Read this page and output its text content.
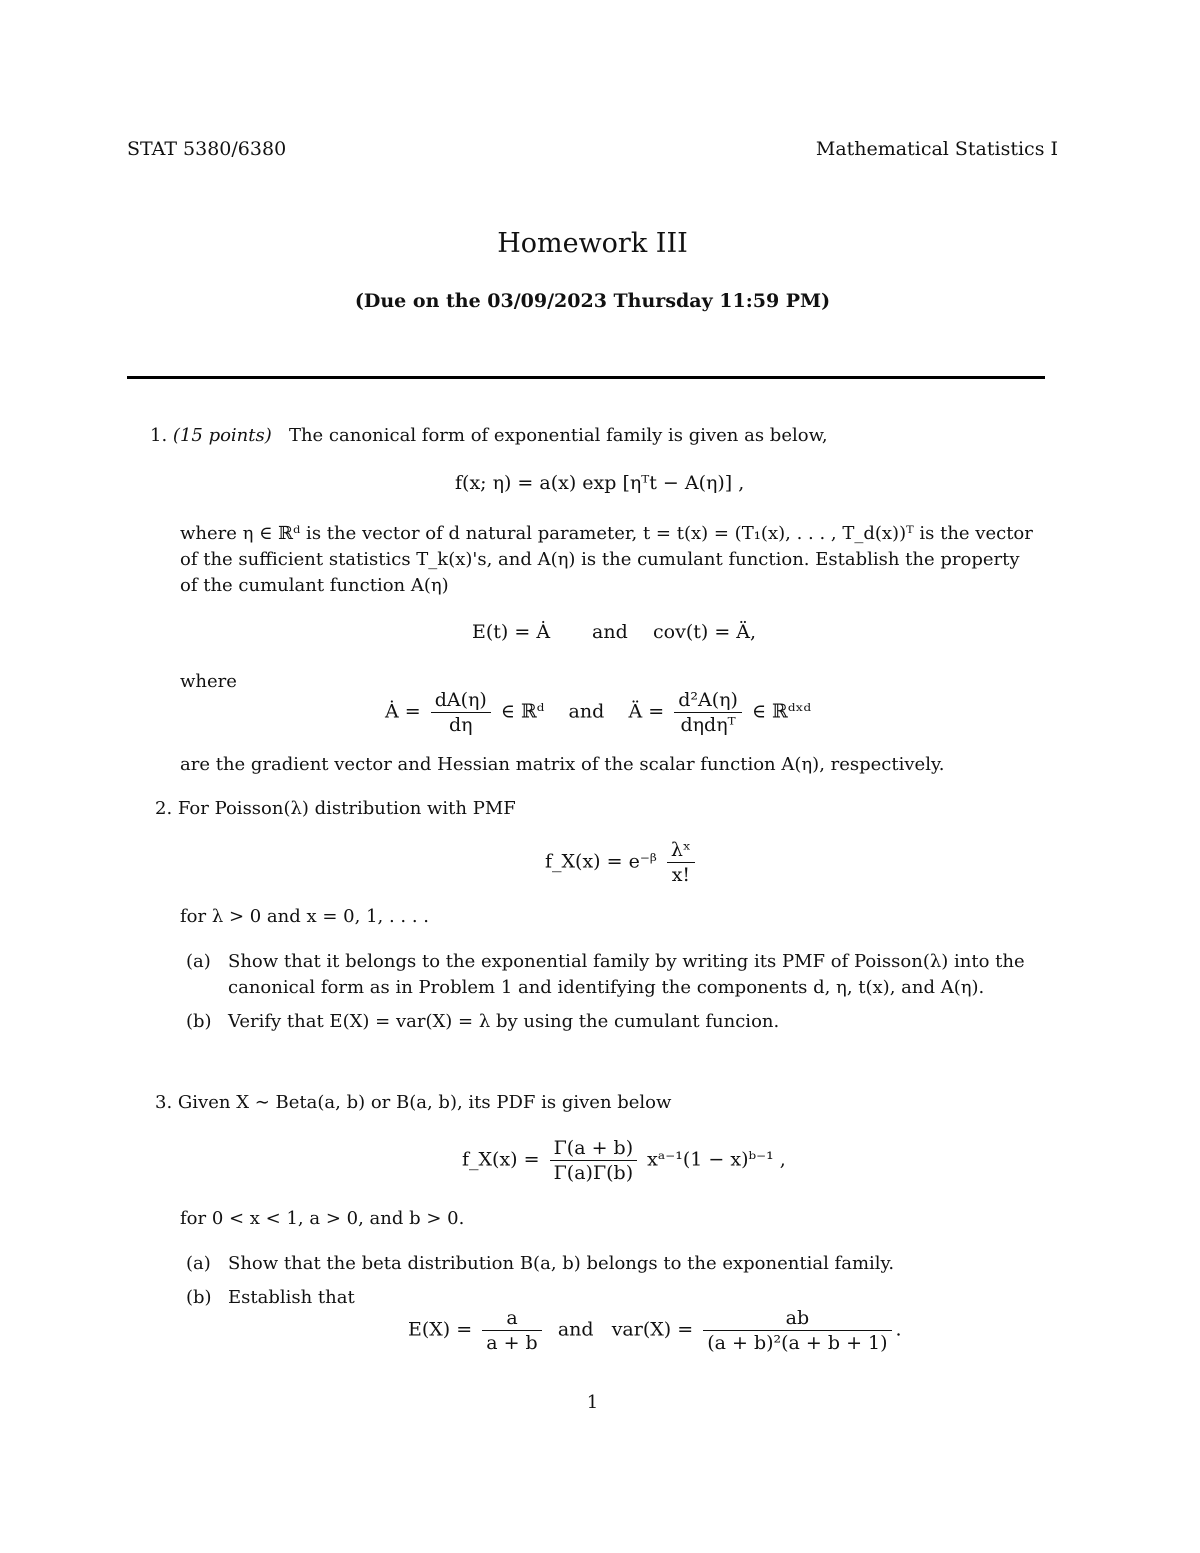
STAT 5380/6380	Mathematical Statistics I
Homework III
(Due on the 03/09/2023 Thursday 11:59 PM)
1. (15 points) The canonical form of exponential family is given as below,
f(x; η) = a(x) exp [ηᵀt − A(η)] ,
where η ∈ ℝᵈ is the vector of d natural parameter, t = t(x) = (T₁(x), . . . , T_d(x))ᵀ is the vector
of the sufficient statistics T_k(x)'s, and A(η) is the cumulant function. Establish the property
of the cumulant function A(η)
E(t) = Ȧ and cov(t) = Ä,
where
Ȧ = $\frac{dA(\eta)}{d\eta}$ ∈ ℝᵈ and Ä = $\frac{\text{d²A(η)}}{\text{dηdηᵀ}}$ ∈ ℝᵈˣᵈ
are the gradient vector and Hessian matrix of the scalar function A(η), respectively.
2. For Poisson(λ) distribution with PMF
f_X(x) = e⁻ᵝ $\frac{\text{λˣ}}{x!}$
for λ > 0 and x = 0, 1, . . . .
(a) Show that it belongs to the exponential family by writing its PMF of Poisson(λ) into the
canonical form as in Problem 1 and identifying the components d, η, t(x), and A(η).
(b) Verify that E(X) = var(X) = λ by using the cumulant funcion.
3. Given X ∼ Beta(a, b) or B(a, b), its PDF is given below
f_X(x) = $\frac{\Gamma(a + b)}{\Gamma(a)\Gamma(b)}$ xᵃ⁻¹(1 − x)ᵇ⁻¹ ,
for 0 < x < 1, a > 0, and b > 0.
(a) Show that the beta distribution B(a, b) belongs to the exponential family.
(b) Establish that
$E(X) = \frac{a}{a + b}$ and $var(X) = \frac{ab}{\text{(a + b)²(a + b + 1)}}$ .
1
